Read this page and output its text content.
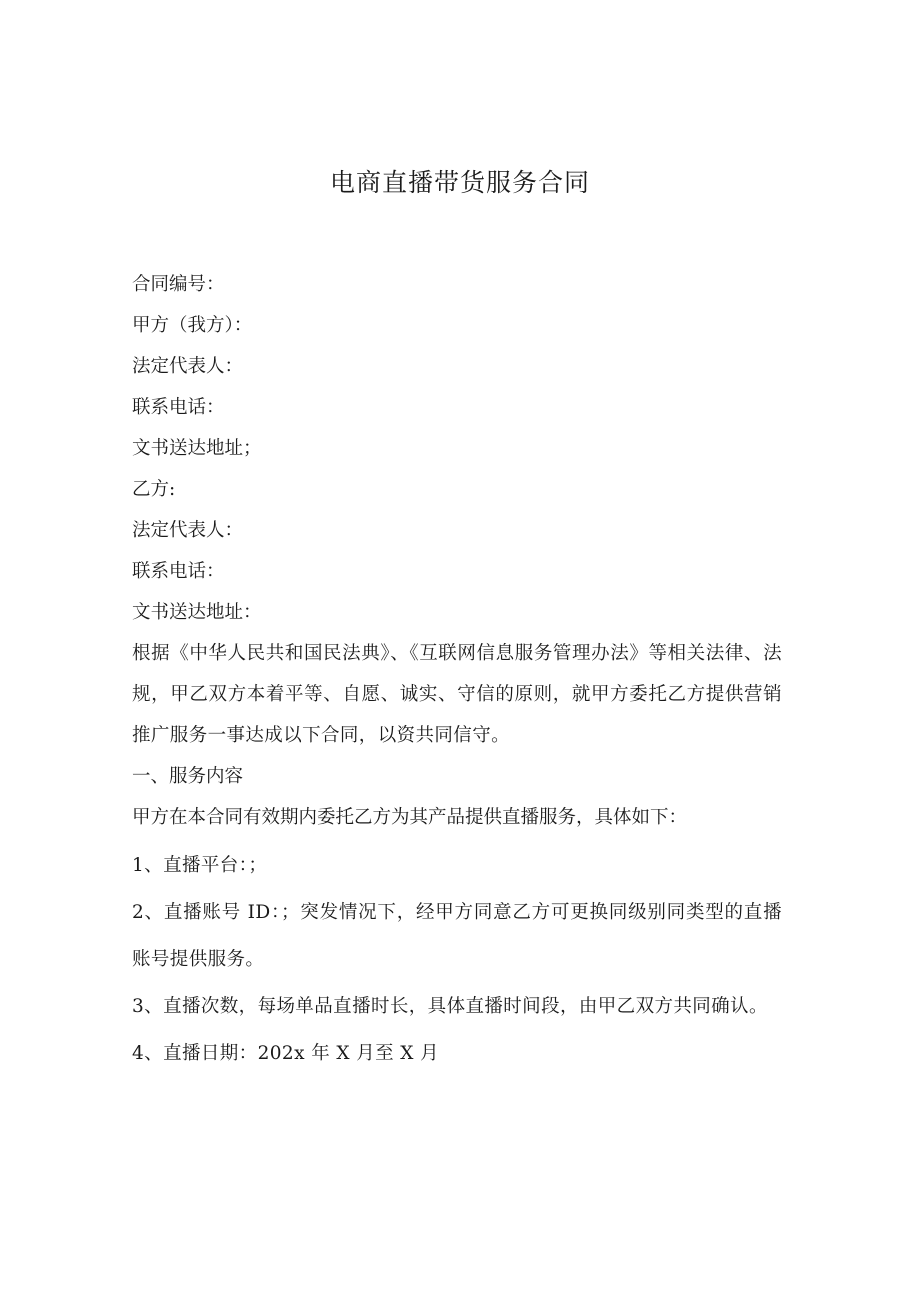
电商直播带货服务合同

合同编号：

甲方（我方）：

法定代表人：

联系电话：

文书送达地址；

乙方:

法定代表人：

联系电话：

文书送达地址：

根据《中华人民共和国民法典》、《互联网信息服务管理办法》等相关法律、法规，甲乙双方本着平等、自愿、诚实、守信的原则，就甲方委托乙方提供营销推广服务一事达成以下合同，以资共同信守。

一、服务内容

甲方在本合同有效期内委托乙方为其产品提供直播服务，具体如下：

1、直播平台：；

2、直播账号 ID：；突发情况下，经甲方同意乙方可更换同级别同类型的直播账号提供服务。

3、直播次数，每场单品直播时长，具体直播时间段，由甲乙双方共同确认。

4、直播日期：202x 年 X 月至 X 月
